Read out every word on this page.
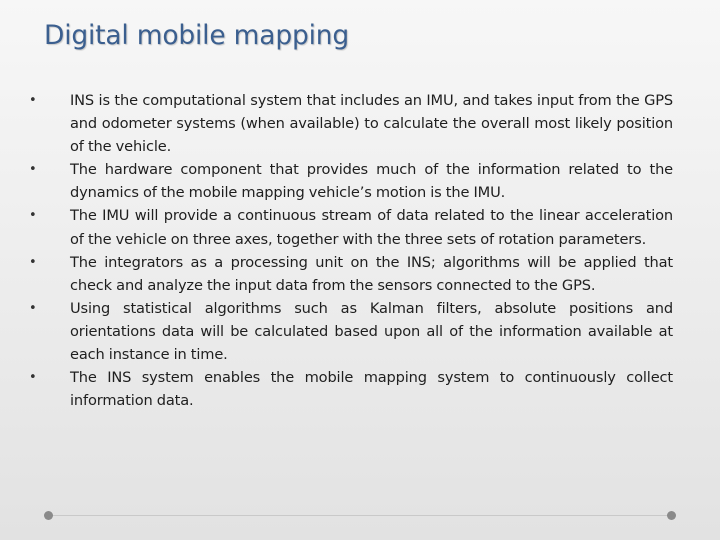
Digital mobile mapping
• INS is the computational system that includes an IMU, and takes input from the GPS and odometer systems (when available) to calculate the overall most likely position of the vehicle.
• The hardware component that provides much of the information related to the dynamics of the mobile mapping vehicle’s motion is the IMU.
• The IMU will provide a continuous stream of data related to the linear acceleration of the vehicle on three axes, together with the three sets of rotation parameters.
• The integrators as a processing unit on the INS; algorithms will be applied that check and analyze the input data from the sensors connected to the GPS.
• Using statistical algorithms such as Kalman filters, absolute positions and orientations data will be calculated based upon all of the information available at each instance in time.
• The INS system enables the mobile mapping system to continuously collect information data.
